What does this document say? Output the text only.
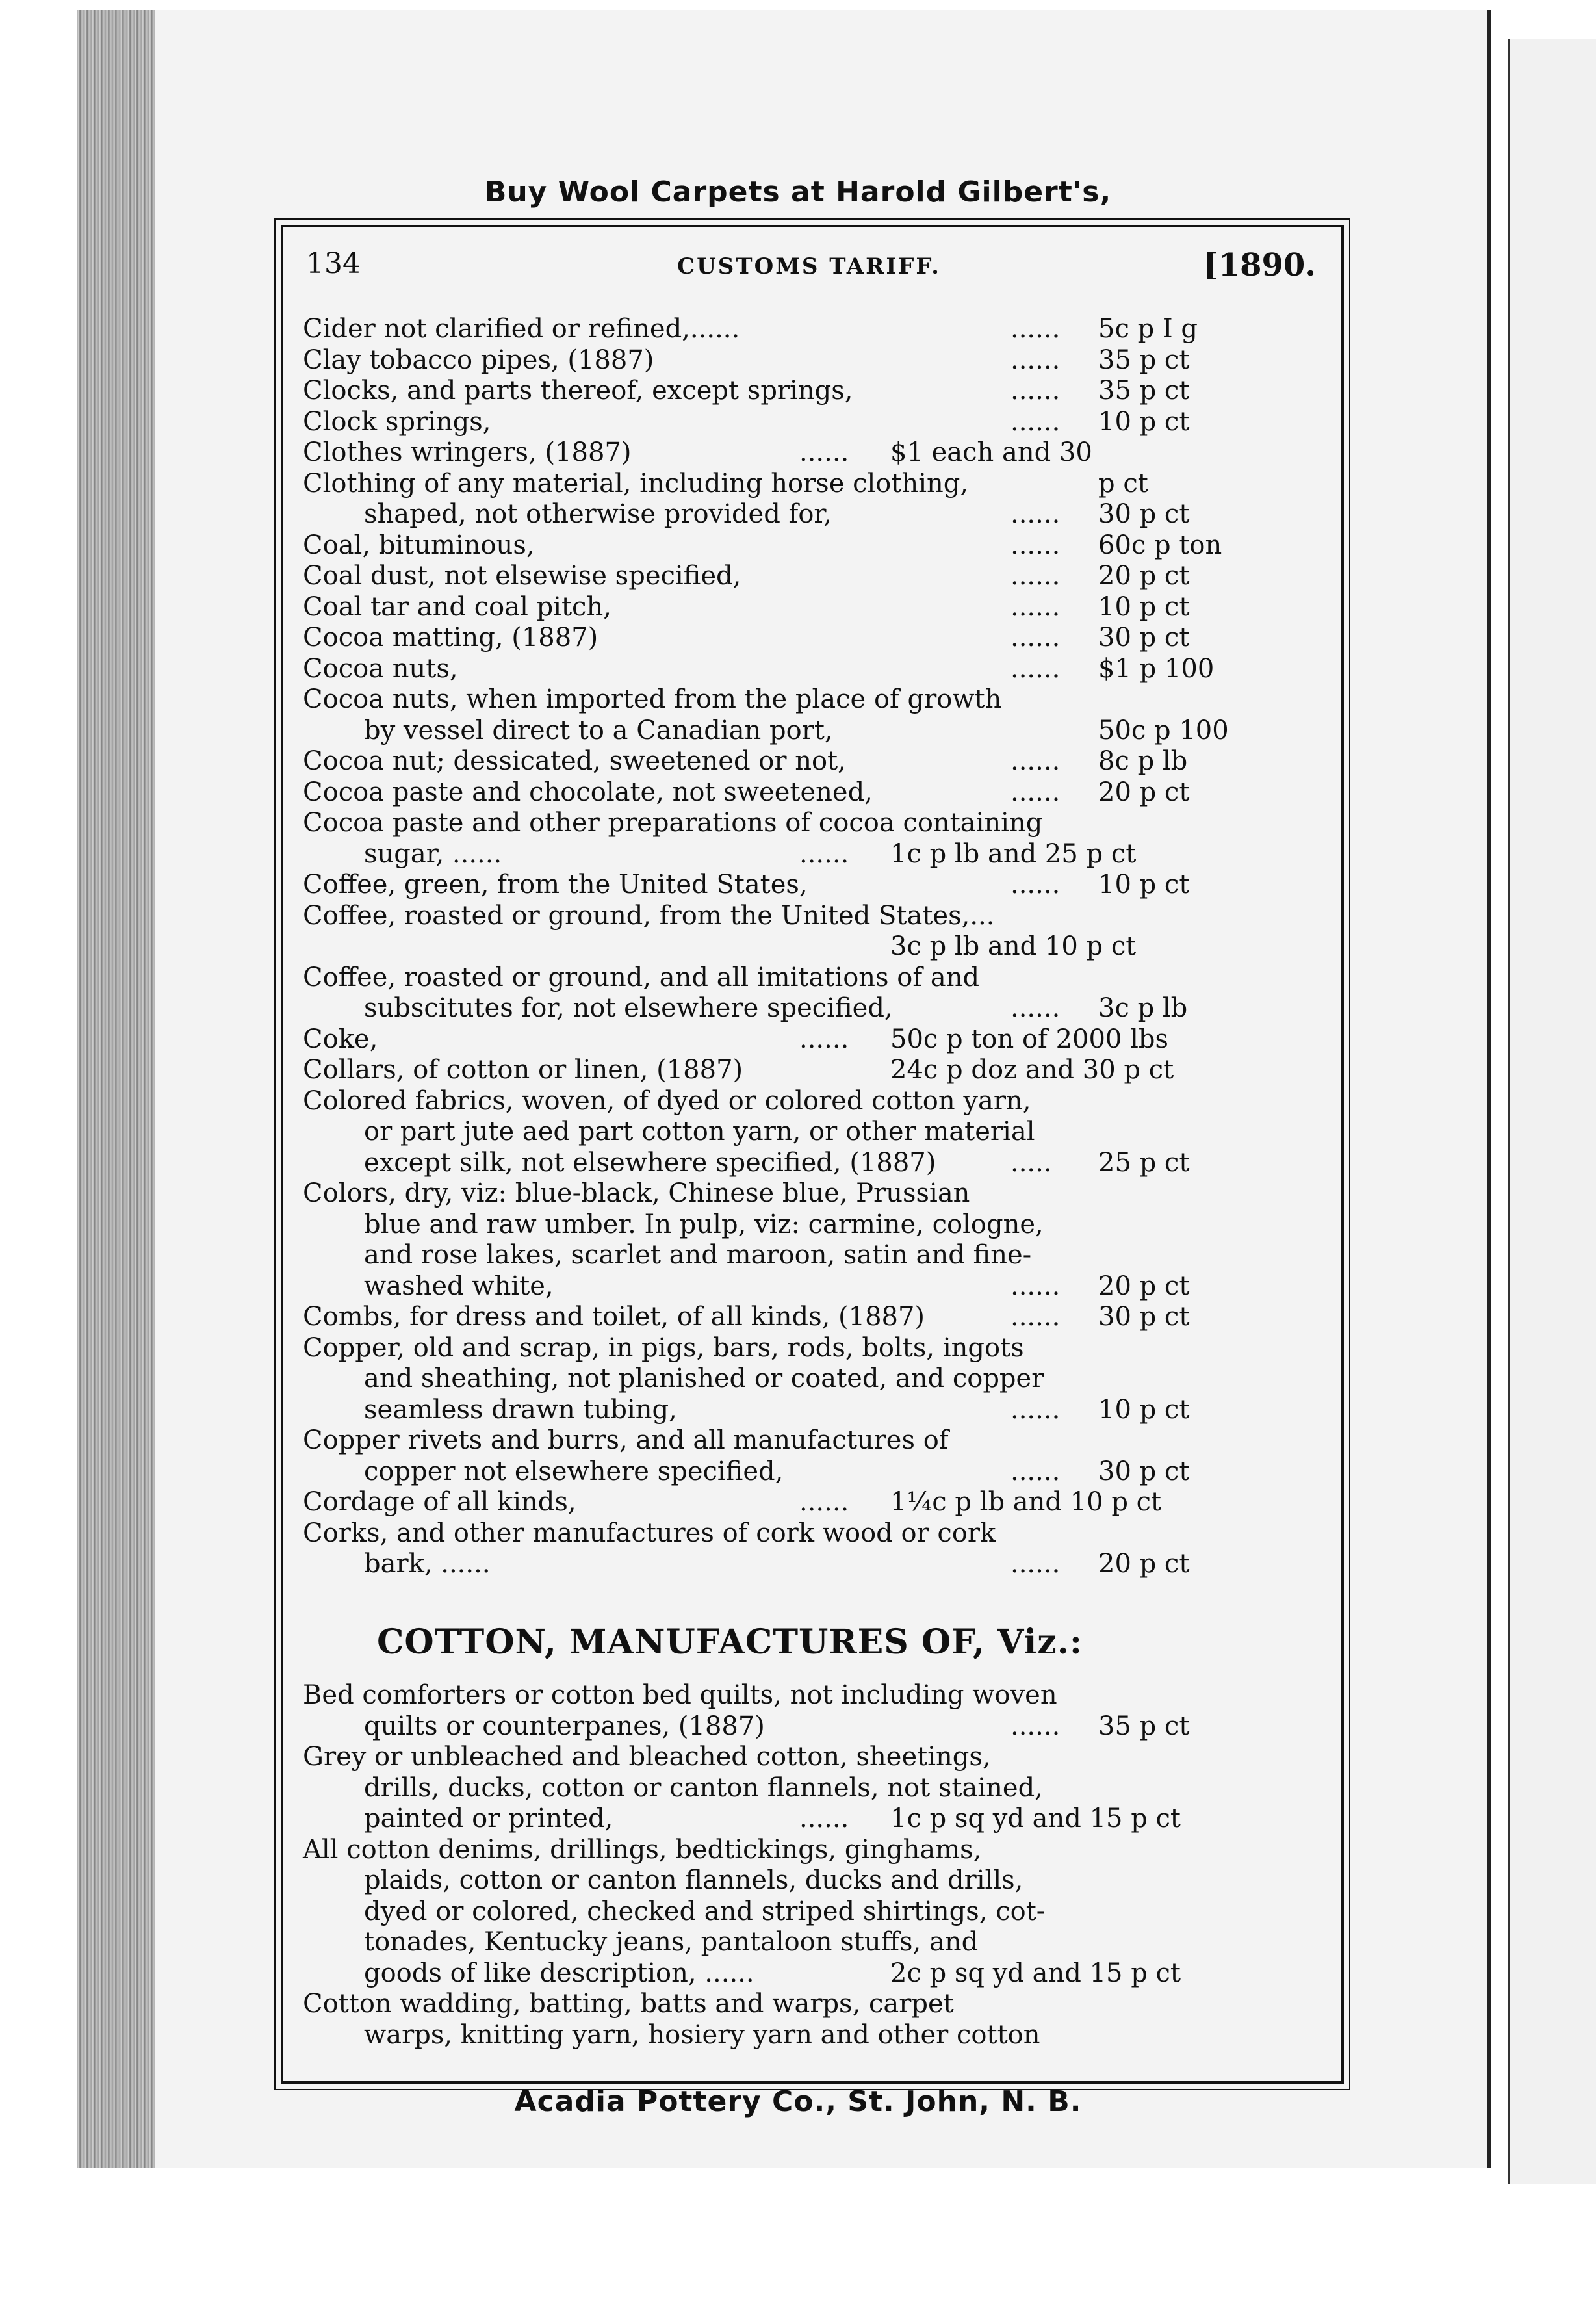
Buy Wool Carpets at Harold Gilbert's,
134	CUSTOMS TARIFF.	[1890.
Cider not clarified or refined,......	...... 5c p I g
Clay tobacco pipes, (1887)	...... 35 p ct
Clocks, and parts thereof, except springs,	...... 35 p ct
Clock springs,	...... 10 p ct
Clothes wringers, (1887)	...... $1 each and 30
Clothing of any material, including horse clothing,	p ct
shaped, not otherwise provided for,	...... 30 p ct
Coal, bituminous,	...... 60c p ton
Coal dust, not elsewise specified,	...... 20 p ct
Coal tar and coal pitch,	...... 10 p ct
Cocoa matting, (1887)	...... 30 p ct
Cocoa nuts,	...... $1 p 100
Cocoa nuts, when imported from the place of growth
by vessel direct to a Canadian port,	50c p 100
Cocoa nut; dessicated, sweetened or not,	...... 8c p lb
Cocoa paste and chocolate, not sweetened,	...... 20 p ct
Cocoa paste and other preparations of cocoa containing
sugar, ......	...... 1c p lb and 25 p ct
Coffee, green, from the United States,	...... 10 p ct
Coffee, roasted or ground, from the United States,...
3c p lb and 10 p ct
Coffee, roasted or ground, and all imitations of and
subscitutes for, not elsewhere specified,	...... 3c p lb
Coke,	...... 50c p ton of 2000 lbs
Collars, of cotton or linen, (1887)	24c p doz and 30 p ct
Colored fabrics, woven, of dyed or colored cotton yarn,
or part jute aed part cotton yarn, or other material
except silk, not elsewhere specified, (1887)	..... 25 p ct
Colors, dry, viz: blue-black, Chinese blue, Prussian
blue and raw umber. In pulp, viz: carmine, cologne,
and rose lakes, scarlet and maroon, satin and fine-
washed white,	...... 20 p ct
Combs, for dress and toilet, of all kinds, (1887)	...... 30 p ct
Copper, old and scrap, in pigs, bars, rods, bolts, ingots
and sheathing, not planished or coated, and copper
seamless drawn tubing,	...... 10 p ct
Copper rivets and burrs, and all manufactures of
copper not elsewhere specified,	...... 30 p ct
Cordage of all kinds,	...... 1¼c p lb and 10 p ct
Corks, and other manufactures of cork wood or cork
bark, ......	...... 20 p ct
COTTON, MANUFACTURES OF, Viz.:
Bed comforters or cotton bed quilts, not including woven
quilts or counterpanes, (1887)	...... 35 p ct
Grey or unbleached and bleached cotton, sheetings,
drills, ducks, cotton or canton flannels, not stained,
painted or printed,	...... 1c p sq yd and 15 p ct
All cotton denims, drillings, bedtickings, ginghams,
plaids, cotton or canton flannels, ducks and drills,
dyed or colored, checked and striped shirtings, cot-
tonades, Kentucky jeans, pantaloon stuffs, and
goods of like description, ......	2c p sq yd and 15 p ct
Cotton wadding, batting, batts and warps, carpet
warps, knitting yarn, hosiery yarn and other cotton
Acadia Pottery Co., St. John, N. B.
